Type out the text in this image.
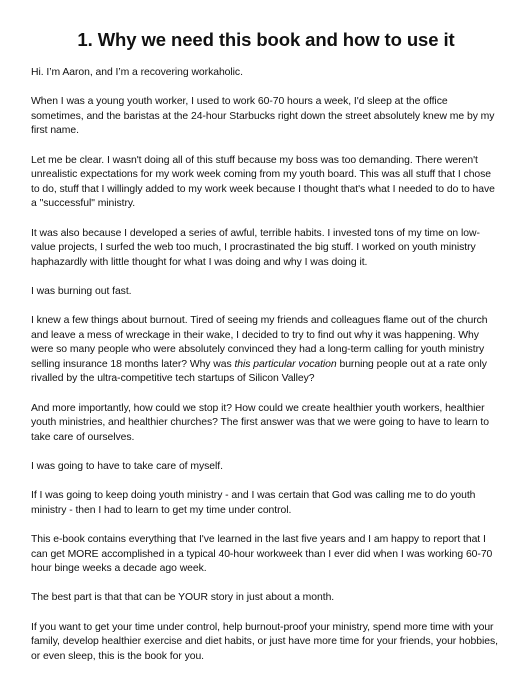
1. Why we need this book and how to use it

Hi. I’m Aaron, and I’m a recovering workaholic.

When I was a young youth worker, I used to work 60-70 hours a week, I'd sleep at the office sometimes, and the baristas at the 24-hour Starbucks right down the street absolutely knew me by my first name.

Let me be clear. I wasn't doing all of this stuff because my boss was too demanding. There weren't unrealistic expectations for my work week coming from my youth board. This was all stuff that I chose to do, stuff that I willingly added to my work week because I thought that's what I needed to do to have a "successful" ministry.

It was also because I developed a series of awful, terrible habits. I invested tons of my time on low-value projects, I surfed the web too much, I procrastinated the big stuff. I worked on youth ministry haphazardly with little thought for what I was doing and why I was doing it.

I was burning out fast.

I knew a few things about burnout. Tired of seeing my friends and colleagues flame out of the church and leave a mess of wreckage in their wake, I decided to try to find out why it was happening. Why were so many people who were absolutely convinced they had a long-term calling for youth ministry selling insurance 18 months later? Why was this particular vocation burning people out at a rate only rivalled by the ultra-competitive tech startups of Silicon Valley?

And more importantly, how could we stop it? How could we create healthier youth workers, healthier youth ministries, and healthier churches? The first answer was that we were going to have to learn to take care of ourselves.

I was going to have to take care of myself.

If I was going to keep doing youth ministry - and I was certain that God was calling me to do youth ministry - then I had to learn to get my time under control.

This e-book contains everything that I've learned in the last five years and I am happy to report that I can get MORE accomplished in a typical 40-hour workweek than I ever did when I was working 60-70 hour binge weeks a decade ago week.

The best part is that that can be YOUR story in just about a month.

If you want to get your time under control, help burnout-proof your ministry, spend more time with your family, develop healthier exercise and diet habits, or just have more time for your friends, your hobbies, or even sleep, this is the book for you.
